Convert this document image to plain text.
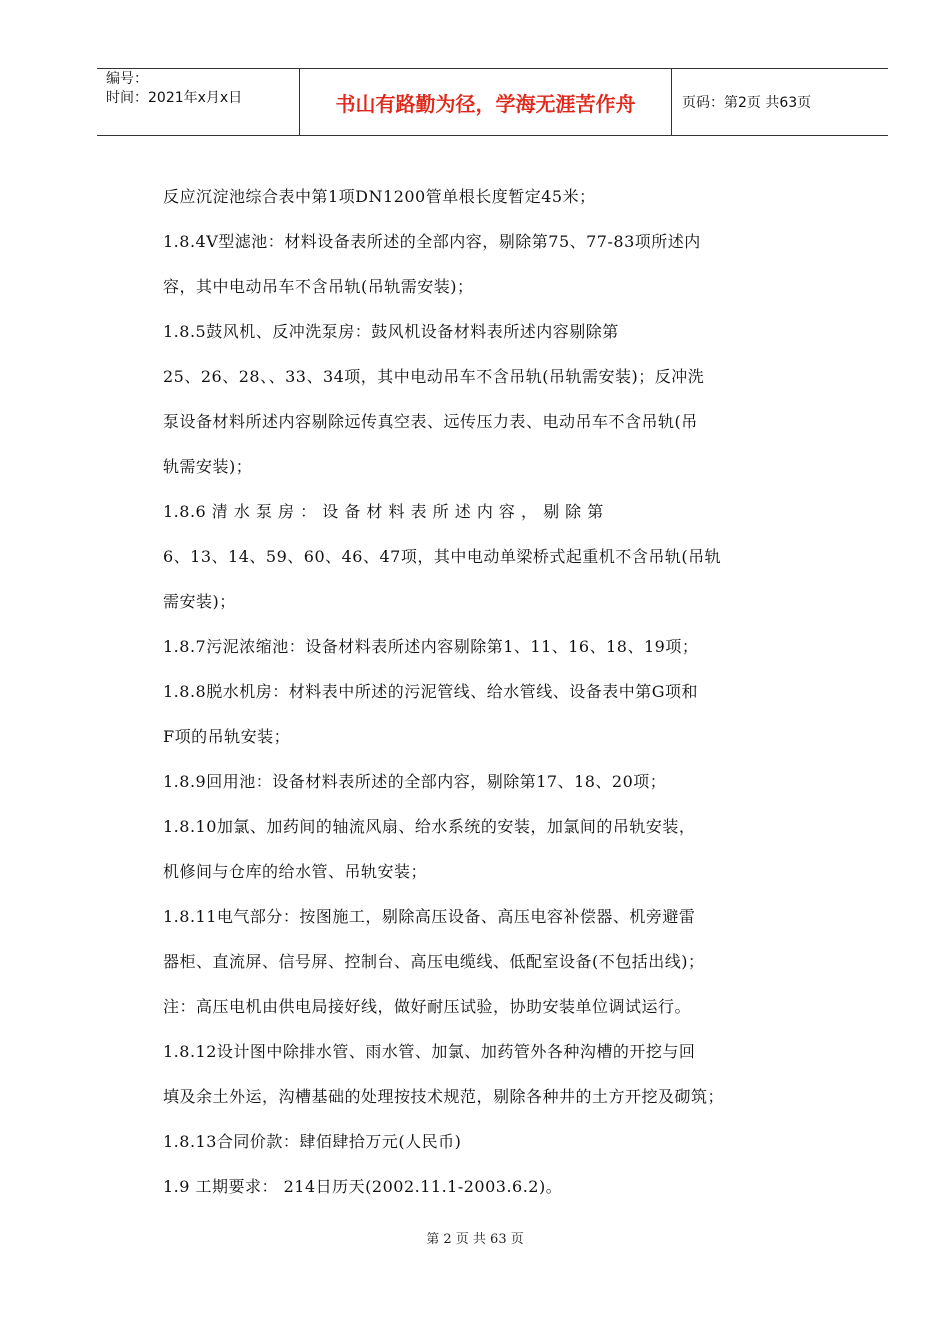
编号：
时间：2021年x月x日	书山有路勤为径，学海无涯苦作舟	页码：第2页 共63页

反应沉淀池综合表中第1项DN1200管单根长度暂定45米；

1.8.4V型滤池：材料设备表所述的全部内容，剔除第75、77-83项所述内

容，其中电动吊车不含吊轨(吊轨需安装)；

1.8.5鼓风机、反冲洗泵房：鼓风机设备材料表所述内容剔除第

25、26、28、、33、34项，其中电动吊车不含吊轨(吊轨需安装)；反冲洗

泵设备材料所述内容剔除远传真空表、远传压力表、电动吊车不含吊轨(吊

轨需安装)；

1.8.6 清 水 泵 房 ： 设 备 材 料 表 所 述 内 容 ， 剔 除 第

6、13、14、59、60、46、47项，其中电动单梁桥式起重机不含吊轨(吊轨

需安装)；

1.8.7污泥浓缩池：设备材料表所述内容剔除第1、11、16、18、19项；

1.8.8脱水机房：材料表中所述的污泥管线、给水管线、设备表中第G项和

F项的吊轨安装；

1.8.9回用池：设备材料表所述的全部内容，剔除第17、18、20项；

1.8.10加氯、加药间的轴流风扇、给水系统的安装，加氯间的吊轨安装，

机修间与仓库的给水管、吊轨安装；

1.8.11电气部分：按图施工，剔除高压设备、高压电容补偿器、机旁避雷

器柜、直流屏、信号屏、控制台、高压电缆线、低配室设备(不包括出线)；

注：高压电机由供电局接好线，做好耐压试验，协助安装单位调试运行。

1.8.12设计图中除排水管、雨水管、加氯、加药管外各种沟槽的开挖与回

填及余土外运，沟槽基础的处理按技术规范，剔除各种井的土方开挖及砌筑；

1.8.13合同价款：肆佰肆拾万元(人民币)

1.9 工期要求： 214日历天(2002.11.1-2003.6.2)。

第 2 页 共 63 页
